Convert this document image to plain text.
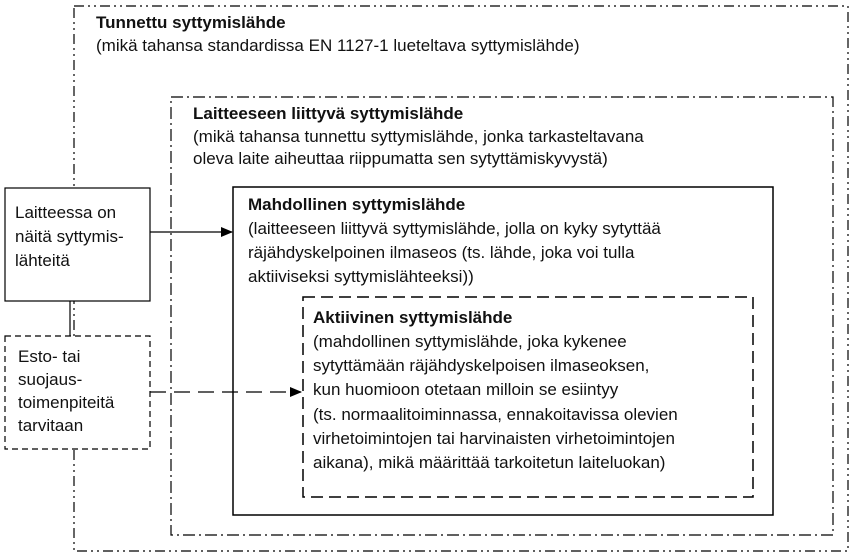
Tunnettu syttymislähde
(mikä tahansa standardissa EN 1127-1 lueteltava syttymislähde)
Laitteeseen liittyvä syttymislähde
(mikä tahansa tunnettu syttymislähde, jonka tarkasteltavana
oleva laite aiheuttaa riippumatta sen sytyttämiskyvystä)
Mahdollinen syttymislähde
(laitteeseen liittyvä syttymislähde, jolla on kyky sytyttää
räjähdyskelpoinen ilmaseos (ts. lähde, joka voi tulla
aktiiviseksi syttymislähteeksi))
Aktiivinen syttymislähde
(mahdollinen syttymislähde, joka kykenee
sytyttämään räjähdyskelpoisen ilmaseoksen,
kun huomioon otetaan milloin se esiintyy
(ts. normaalitoiminnassa, ennakoitavissa olevien
virhetoimintojen tai harvinaisten virhetoimintojen
aikana), mikä määrittää tarkoitetun laiteluokan)
Laitteessa on
näitä syttymis-
lähteitä
Esto- tai
suojaus-
toimenpiteitä
tarvitaan
